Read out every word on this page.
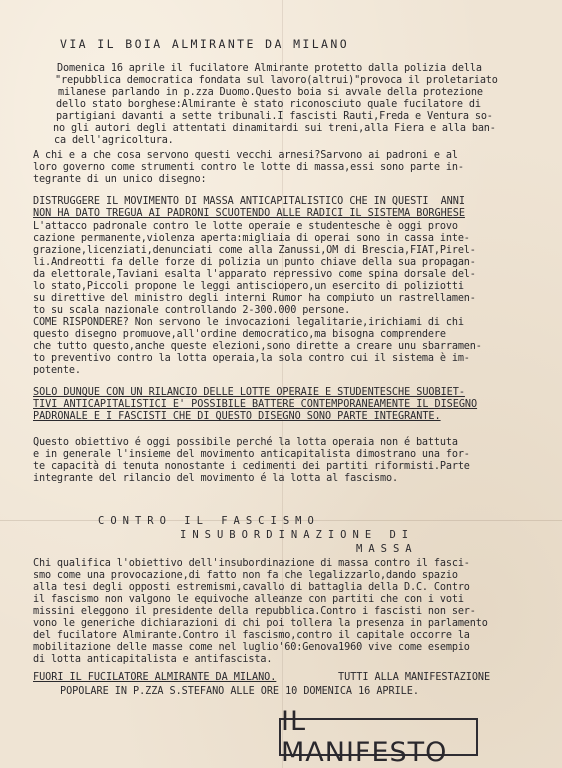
VIA IL BOIA ALMIRANTE DA MILANO
Domenica 16 aprile il fucilatore Almirante protetto dalla polizia della
"repubblica democratica fondata sul lavoro(altrui)"provoca il proletariato
milanese parlando in p.zza Duomo.Questo boia si avvale della protezione
dello stato borghese:Almirante è stato riconosciuto quale fucilatore di
partigiani davanti a sette tribunali.I fascisti Rauti,Freda e Ventura so-
no gli autori degli attentati dinamitardi sui treni,alla Fiera e alla ban-
ca dell'agricoltura.
A chi e a che cosa servono questi vecchi arnesi?Sarvono ai padroni e al
loro governo come strumenti contro le lotte di massa,essi sono parte in-
tegrante di un unico disegno:
DISTRUGGERE IL MOVIMENTO DI MASSA ANTICAPITALISTICO CHE IN QUESTI  ANNI
NON HA DATO TREGUA AI PADRONI SCUOTENDO ALLE RADICI IL SISTEMA BORGHESE
L'attacco padronale contro le lotte operaie e studentesche è oggi provo
cazione permanente,violenza aperta:migliaia di operai sono in cassa inte-
grazione,licenziati,denunciati come alla Zanussi,OM di Brescia,FIAT,Pirel-
li.Andreotti fa delle forze di polizia un punto chiave della sua propagan-
da elettorale,Taviani esalta l'apparato repressivo come spina dorsale del-
lo stato,Piccoli propone le leggi antisciopero,un esercito di poliziotti
su direttive del ministro degli interni Rumor ha compiuto un rastrellamen-
to su scala nazionale controllando 2-300.000 persone.
COME RISPONDERE? Non servono le invocazioni legalitarie,irichiami di chi
questo disegno promuove,all'ordine democratico,ma bisogna comprendere
che tutto questo,anche queste elezioni,sono dirette a creare unu sbarramen-
to preventivo contro la lotta operaia,la sola contro cui il sistema è im-
potente.
SOLO DUNQUE CON UN RILANCIO DELLE LOTTE OPERAIE E STUDENTESCHE SUOBIET-
TIVI ANTICAPITALISTICI E' POSSIBILE BATTERE CONTEMPORANEAMENTE IL DISEGNO
PADRONALE E I FASCISTI CHE DI QUESTO DISEGNO SONO PARTE INTEGRANTE.
Questo obiettivo é oggi possibile perché la lotta operaia non é battuta
e in generale l'insieme del movimento anticapitalista dimostrano una for-
te capacità di tenuta nonostante i cedimenti dei partiti riformisti.Parte
integrante del rilancio del movimento é la lotta al fascismo.
CONTRO IL FASCISMO
INSUBORDINAZIONE DI
MASSA
Chi qualifica l'obiettivo dell'insubordinazione di massa contro il fasci-
smo come una provocazione,di fatto non fa che legalizzarlo,dando spazio
alla tesi degli opposti estremismi,cavallo di battaglia della D.C. Contro
il fascismo non valgono le equivoche alleanze con partiti che con i voti
missini eleggono il presidente della repubblica.Contro i fascisti non ser-
vono le generiche dichiarazioni di chi poi tollera la presenza in parlamento
del fucilatore Almirante.Contro il fascismo,contro il capitale occorre la
mobilitazione delle masse come nel luglio'60:Genova1960 vive come esempio
di lotta anticapitalista e antifascista.
FUORI IL FUCILATORE ALMIRANTE DA MILANO.	TUTTI ALLA MANIFESTAZIONE
POPOLARE IN P.ZZA S.STEFANO ALLE ORE 10 DOMENICA 16 APRILE.
IL MANIFESTO
